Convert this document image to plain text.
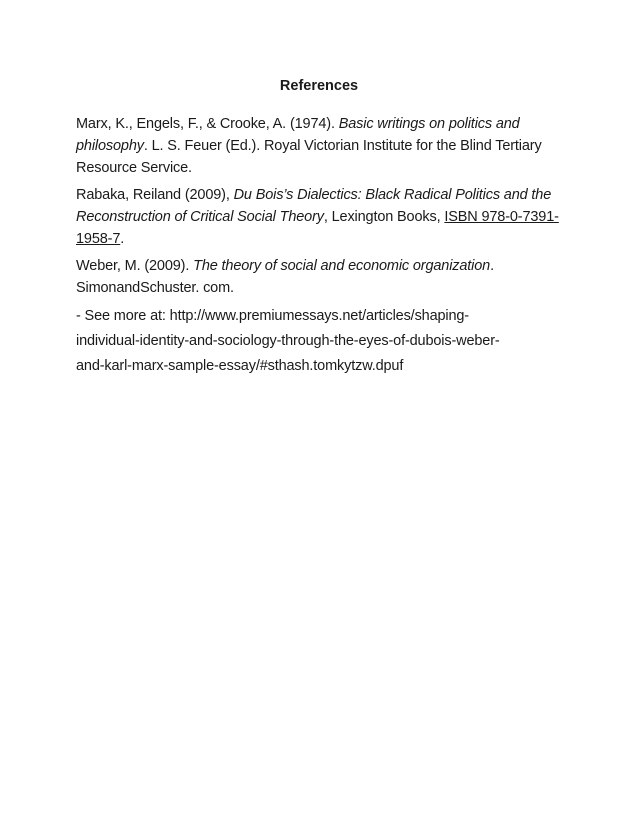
References

Marx, K., Engels, F., & Crooke, A. (1974). Basic writings on politics and philosophy. L. S. Feuer (Ed.). Royal Victorian Institute for the Blind Tertiary Resource Service.

Rabaka, Reiland (2009), Du Bois’s Dialectics: Black Radical Politics and the Reconstruction of Critical Social Theory, Lexington Books, ISBN 978-0-7391-1958-7.

Weber, M. (2009). The theory of social and economic organization. SimonandSchuster. com.

- See more at: http://www.premiumessays.net/articles/shaping-
individual-identity-and-sociology-through-the-eyes-of-dubois-weber-
and-karl-marx-sample-essay/#sthash.tomkytzw.dpuf
